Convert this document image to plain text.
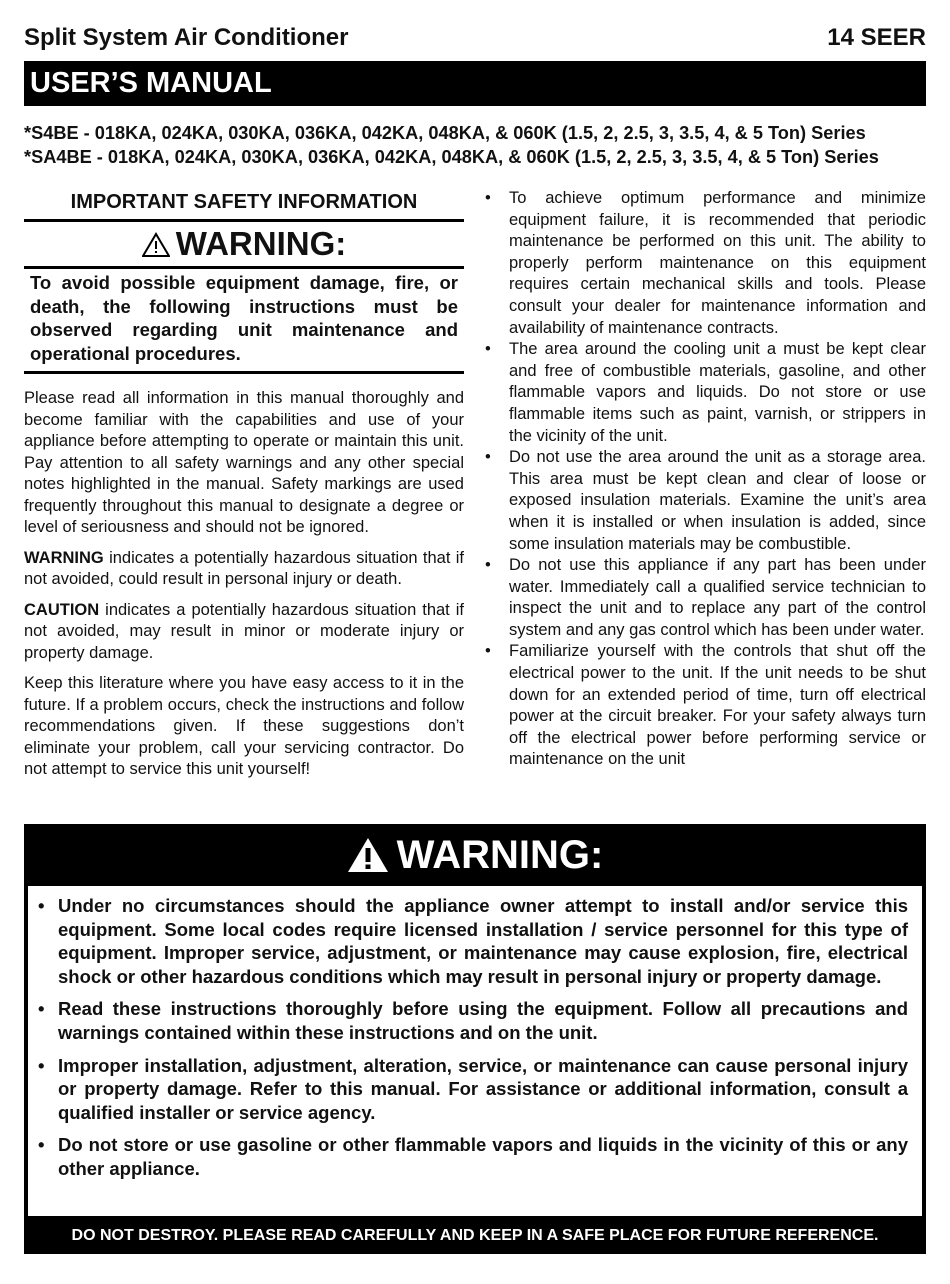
Split System Air Conditioner	14 SEER
USER’S MANUAL
*S4BE - 018KA, 024KA, 030KA, 036KA, 042KA, 048KA, & 060K (1.5, 2, 2.5, 3, 3.5, 4, & 5 Ton) Series
*SA4BE - 018KA, 024KA, 030KA, 036KA, 042KA, 048KA, & 060K (1.5, 2, 2.5, 3, 3.5, 4, & 5 Ton) Series
IMPORTANT SAFETY INFORMATION
WARNING:
To avoid possible equipment damage, fire, or death, the following instructions must be observed regarding unit maintenance and operational procedures.

Please read all information in this manual thoroughly and become familiar with the capabilities and use of your appliance before attempting to operate or maintain this unit. Pay attention to all safety warnings and any other special notes highlighted in the manual. Safety markings are used frequently throughout this manual to designate a degree or level of seriousness and should not be ignored.

WARNING indicates a potentially hazardous situation that if not avoided, could result in personal injury or death.

CAUTION indicates a potentially hazardous situation that if not avoided, may result in minor or moderate injury or property damage.

Keep this literature where you have easy access to it in the future. If a problem occurs, check the instructions and follow recommendations given. If these suggestions don’t eliminate your problem, call your servicing contractor. Do not attempt to service this unit yourself!

• To achieve optimum performance and minimize equipment failure, it is recommended that periodic maintenance be performed on this unit. The ability to properly perform maintenance on this equipment requires certain mechanical skills and tools. Please consult your dealer for maintenance information and availability of maintenance contracts.
• The area around the cooling unit a must be kept clear and free of combustible materials, gasoline, and other flammable vapors and liquids. Do not store or use flammable items such as paint, varnish, or strippers in the vicinity of the unit.
• Do not use the area around the unit as a storage area. This area must be kept clean and clear of loose or exposed insulation materials. Examine the unit’s area when it is installed or when insulation is added, since some insulation materials may be combustible.
• Do not use this appliance if any part has been under water. Immediately call a qualified service technician to inspect the unit and to replace any part of the control system and any gas control which has been under water.
• Familiarize yourself with the controls that shut off the electrical power to the unit. If the unit needs to be shut down for an extended period of time, turn off electrical power at the circuit breaker. For your safety always turn off the electrical power before performing service or maintenance on the unit
WARNING:
• Under no circumstances should the appliance owner attempt to install and/or service this equipment. Some local codes require licensed installation / service personnel for this type of equipment. Improper service, adjustment, or maintenance may cause explosion, fire, electrical shock or other hazardous conditions which may result in personal injury or property damage.
• Read these instructions thoroughly before using the equipment. Follow all precautions and warnings contained within these instructions and on the unit.
• Improper installation, adjustment, alteration, service, or maintenance can cause personal injury or property damage. Refer to this manual. For assistance or additional information, consult a qualified installer or service agency.
• Do not store or use gasoline or other flammable vapors and liquids in the vicinity of this or any other appliance.
DO NOT DESTROY. PLEASE READ CAREFULLY AND KEEP IN A SAFE PLACE FOR FUTURE REFERENCE.
